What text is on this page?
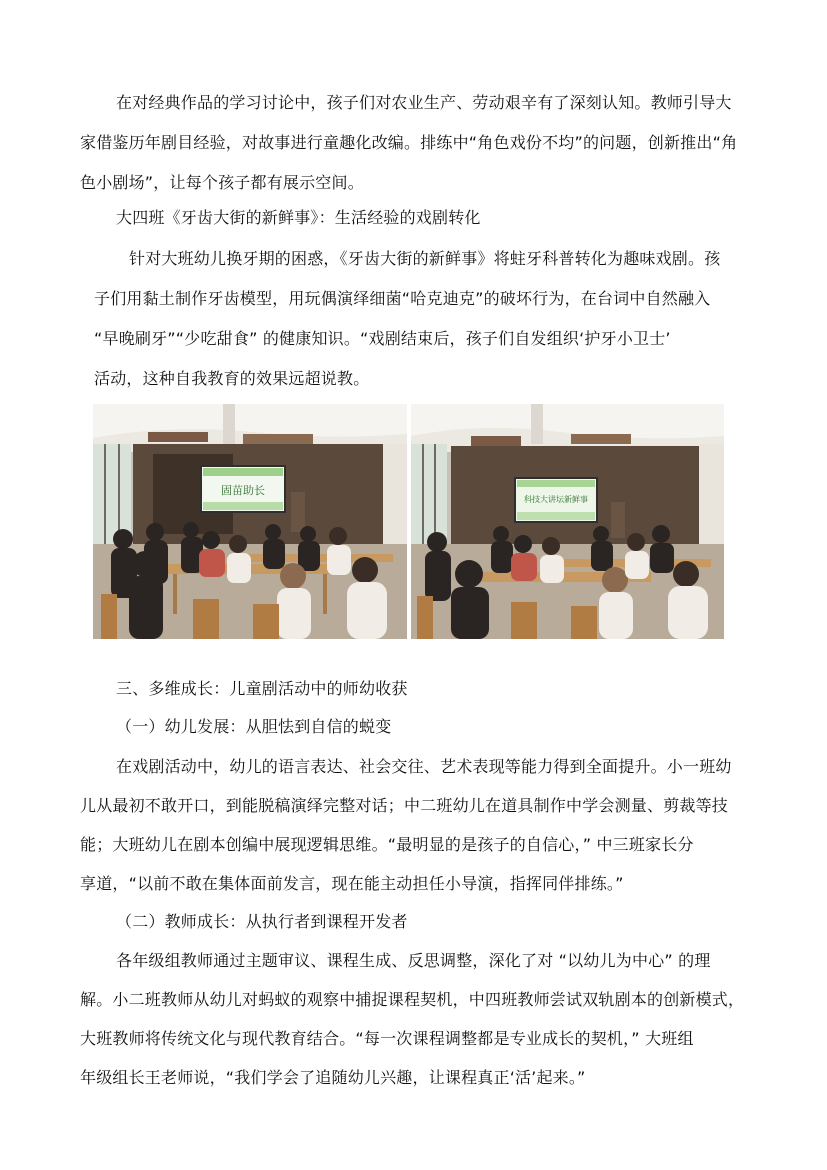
在对经典作品的学习讨论中，孩子们对农业生产、劳动艰辛有了深刻认知。教师引导大
家借鉴历年剧目经验，对故事进行童趣化改编。排练中“角色戏份不均”的问题，创新推出“角
色小剧场”，让每个孩子都有展示空间。
大四班《牙齿大街的新鲜事》：生活经验的戏剧转化
针对大班幼儿换牙期的困惑，《牙齿大街的新鲜事》将蛀牙科普转化为趣味戏剧。孩
子们用黏土制作牙齿模型，用玩偶演绎细菌“哈克迪克”的破坏行为，在台词中自然融入
“早晚刷牙”“少吃甜食” 的健康知识。“戏剧结束后，孩子们自发组织‘护牙小卫士’
活动，这种自我教育的效果远超说教。
固苗助长
科技大讲坛新鲜事
三、多维成长：儿童剧活动中的师幼收获
（一）幼儿发展：从胆怯到自信的蜕变
在戏剧活动中，幼儿的语言表达、社会交往、艺术表现等能力得到全面提升。小一班幼
儿从最初不敢开口，到能脱稿演绎完整对话；中二班幼儿在道具制作中学会测量、剪裁等技
能；大班幼儿在剧本创编中展现逻辑思维。“最明显的是孩子的自信心，” 中三班家长分
享道，“以前不敢在集体面前发言，现在能主动担任小导演，指挥同伴排练。”
（二）教师成长：从执行者到课程开发者
各年级组教师通过主题审议、课程生成、反思调整，深化了对 “以幼儿为中心” 的理
解。小二班教师从幼儿对蚂蚁的观察中捕捉课程契机，中四班教师尝试双轨剧本的创新模式，
大班教师将传统文化与现代教育结合。“每一次课程调整都是专业成长的契机，” 大班组
年级组长王老师说，“我们学会了追随幼儿兴趣，让课程真正‘活’起来。”
